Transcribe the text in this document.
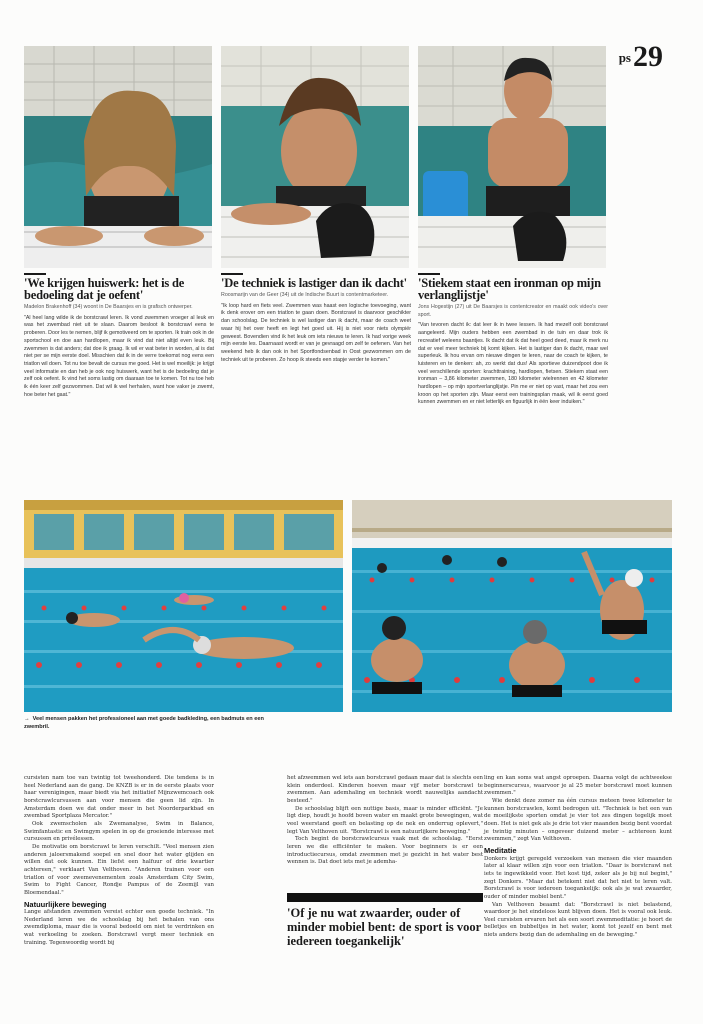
$^{ps}$29
'We krijgen huiswerk: het is de bedoeling dat je oefent'

Madelon Brakenhoff (34) woont in De Baarsjes en is grafisch ontwerper.

"Al heel lang wilde ik de borstcrawl leren. Ik vond zwemmen vroeger al leuk en was het zwembad niet uit te slaan. Daarom besloot ik borstcrawl eens te proberen. Door les te nemen, blijf ik gemotiveerd om te sporten. Ik train ook in de sportschool en doe aan hardlopen, maar ik vind dat niet altijd even leuk. Bij zwemmen is dat anders; dat doe ik graag. Ik wil er wat beter in worden, al is dat niet per se mijn eerste doel. Misschien dat ik in de verre toekomst nog eens een triatlon wil doen. Tot nu toe bevalt de cursus me goed. Het is wel moeilijk: je krijgt veel informatie en dan heb je ook nog huiswerk, want het is de bedoeling dat je zelf ook oefent. Ik vind het soms lastig om daaraan toe te komen. Tot nu toe heb ik één keer zelf gezwommen. Dat wil ik wel herhalen, want hoe vaker je zwemt, hoe beter het gaat."

'De techniek is lastiger dan ik dacht'

Roosmarijn van de Geer (34) uit de Indische Buurt is contentmarketeer.

"Ik loop hard en fiets veel. Zwemmen was haast een logische toevoeging, want ik denk erover om een triatlon te gaan doen. Borstcrawl is daarvoor geschikter dan schoolslag. De techniek is wel lastiger dan ik dacht, maar de coach weet waar hij het over heeft en legt het goed uit. Hij is niet voor niets olympiër geweest. Bovendien vind ik het leuk om iets nieuws te leren. Ik had vorige week mijn eerste les. Daarnaast wordt er van je gevraagd om zelf te oefenen. Van het weekend heb ik dan ook in het Sportfondsenbad in Oost gezwommen om de techniek uit te proberen. Zo hoop ik steeds een stapje verder te komen."

'Stiekem staat een ironman op mijn verlanglijstje'

Jons Hogestijn (27) uit De Baarsjes is contentcreator en maakt ook video's over sport.

"Van tevoren dacht ik: dat leer ik in twee lessen. Ik had mezelf ooit borstcrawl aangeleerd. Mijn ouders hebben een zwembad in de tuin en daar trok ik recreatief weleens baantjes. Ik dacht dat ik dat heel goed deed, maar ik merk nu dat er veel meer techniek bij komt kijken. Het is lastiger dan ik dacht, maar wel superleuk. Ik hou ervan om nieuwe dingen te leren, naar de coach te kijken, te luisteren en te denken: ah, zo werkt dat dus! Als sportieve duizendpoot doe ik veel verschillende sporten: krachttraining, hardlopen, fietsen. Stiekem staat een ironman – 3,86 kilometer zwemmen, 180 kilometer wielrennen en 42 kilometer hardlopen – op mijn sportverlanglijstje. Pin me er niet op vast, maar het zou een kroon op het sporten zijn. Maar eerst een trainingsplan maak, wil ik eerst goed kunnen zwemmen en er niet letterlijk en figuurlijk in één keer induiken."

→ Veel mensen pakken het professioneel aan met goede badkleding, een badmuts en een zwembril.

cursisten nam toe van twintig tot tweehonderd. Die tendens is in heel Nederland aan de gang. De KNZB is er in de eerste plaats voor haar verenigingen, maar biedt via het initiatief Mijnzwemcoach ook borstcrawlcursussen aan voor mensen die geen lid zijn. In Amsterdam doen we dat onder meer in het Noorderparkbad en zwembad Sportplaza Mercator."

Ook zwemscholen als Zwemanalyse, Swim in Balance, Swimfantastic en Swimgym spelen in op de groeiende interesse met cursussen en privélessen.

De motivatie om borstcrawl te leren verschilt. "Veel mensen zien anderen jaloersmakend soepel en snel door het water glijden en willen dat ook kunnen. Ein liefst een halfuur of drie kwartier achtereen," verklaart Van Velthoven. "Anderen trainen voor een triatlon of voor zwemevenementen zoals Amsterdam City Swim, Swim to Fight Cancer, Rondje Pampus of de Zeemijl van Bloemendaal."

Natuurlijkere beweging

Lange afstanden zwemmen vereist echter een goede techniek. "In Nederland leren we de schoolslag bij het behalen van ons zwemdiploma, maar die is vooral bedoeld om niet te verdrinken en wat verkoeling te zoeken. Borstcrawl vergt meer techniek en training. Tegenwoordig wordt bij

het afzwemmen wel iets aan borstcrawl gedaan maar dat is slechts een klein onderdeel. Kinderen hoeven maar vijf meter borstcrawl te zwemmen. Aan ademhaling en techniek wordt nauwelijks aandacht besteed."

De schoolslag blijft een nuttige basis, maar is minder efficiënt. "Je ligt diep, houdt je hoofd boven water en maakt grote bewegingen, wat veel weerstand geeft en belasting op de nek en onderrug oplevert," legt Van Velthoven uit. "Borstcrawl is een natuurlijkere beweging."

Toch begint de borstcrawlcursus vaak met de schoolslag. "Eerst leren we die efficiënter te maken. Voor beginners is er een introductiecursus, omdat zwemmen met je gezicht in het water best wennen is. Dat doet iets met je ademha-

'Of je nu wat zwaarder, ouder of minder mobiel bent: de sport is voor iedereen toegankelijk'

ling en kan soms wat angst oproepen. Daarna volgt de achtweekse beginnerscursus, waarvoor je al 25 meter borstcrawl moet kunnen zwemmen."

Wie denkt deze zomer na één cursus meteen twee kilometer te kunnen borstcrawlen, komt bedrogen uit. "Techniek is het een van de moeilijkste sporten omdat je vier tot zes dingen tegelijk moet doen. Het is niet gek als je drie tot vier maanden bezig bent voordat je twintig minuten – ongeveer duizend meter – achtereen kunt zwemmen," zegt Van Velthoven.

Meditatie

Donkers krijgt geregeld verzoeken van mensen die vier maanden later al klaar willen zijn voor een triatlon. "Daar is borstcrawl net iets te ingewikkeld voor. Het kost tijd, zeker als je bij nul begint," zegt Donkers. "Maar dat betekent niet dat het niet te leren valt. Borstcrawl is voor iedereen toegankelijk: ook als je wat zwaarder, ouder of minder mobiel bent."

Van Velthoven beaamt dat: "Borstcrawl is niet belastend, waardoor je het eindeloos kunt blijven doen. Het is vooral ook leuk. Veel cursisten ervaren het als een soort zwemmeditatie: je hoort de belletjes en bubbeltjes in het water, komt tot jezelf en bent met niets anders bezig dan de ademhaling en de beweging."
